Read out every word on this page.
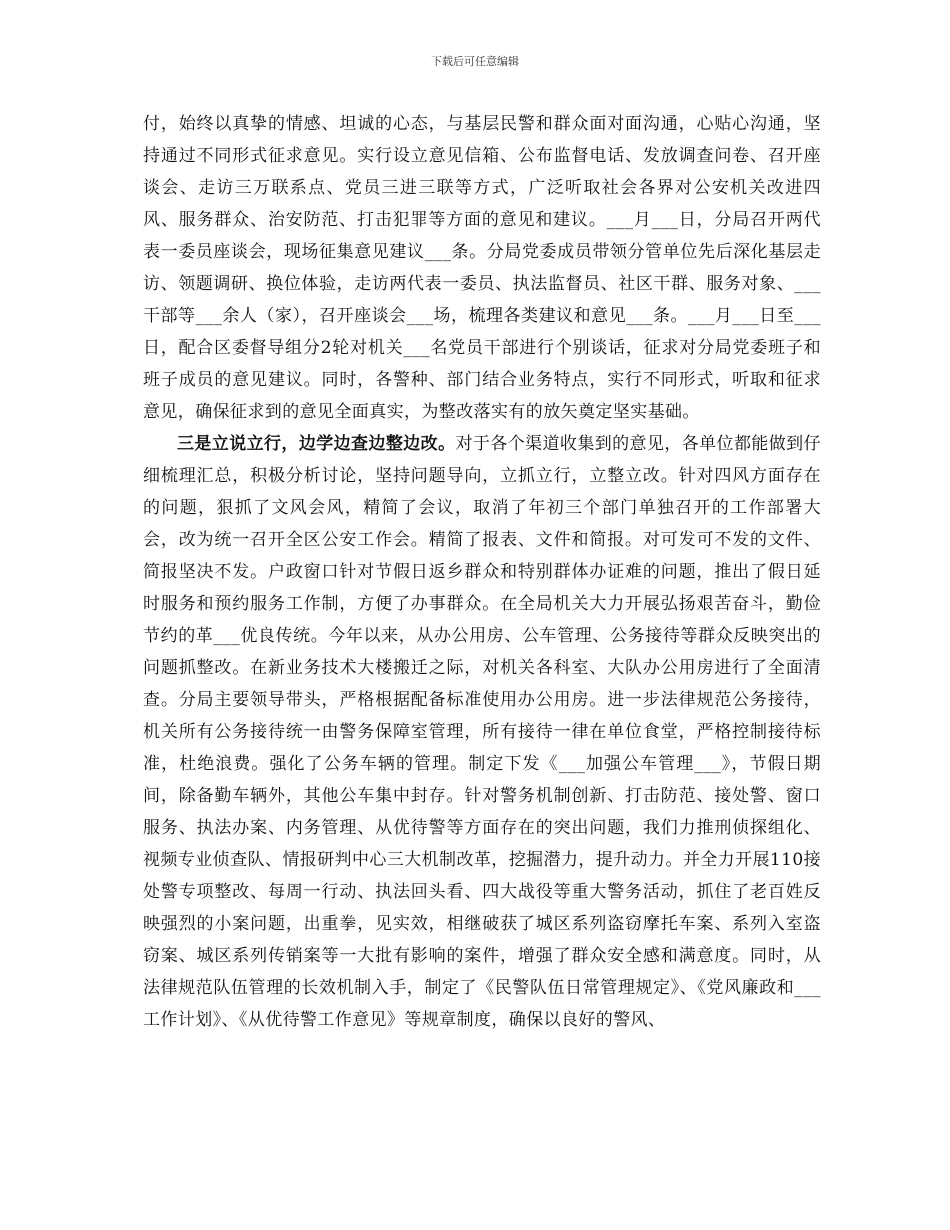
下载后可任意编辑

付，始终以真挚的情感、坦诚的心态，与基层民警和群众面对面沟通，心贴心沟通，坚持通过不同形式征求意见。实行设立意见信箱、公布监督电话、发放调查问卷、召开座谈会、走访三万联系点、党员三进三联等方式，广泛听取社会各界对公安机关改进四风、服务群众、治安防范、打击犯罪等方面的意见和建议。___月___日，分局召开两代表一委员座谈会，现场征集意见建议___条。分局党委成员带领分管单位先后深化基层走访、领题调研、换位体验，走访两代表一委员、执法监督员、社区干群、服务对象、___干部等___余人（家），召开座谈会___场，梳理各类建议和意见___条。___月___日至___日，配合区委督导组分2轮对机关___名党员干部进行个别谈话，征求对分局党委班子和班子成员的意见建议。同时，各警种、部门结合业务特点，实行不同形式，听取和征求意见，确保征求到的意见全面真实，为整改落实有的放矢奠定坚实基础。

三是立说立行，边学边查边整边改。对于各个渠道收集到的意见，各单位都能做到仔细梳理汇总，积极分析讨论，坚持问题导向，立抓立行，立整立改。针对四风方面存在的问题，狠抓了文风会风，精简了会议，取消了年初三个部门单独召开的工作部署大会，改为统一召开全区公安工作会。精简了报表、文件和简报。对可发可不发的文件、简报坚决不发。户政窗口针对节假日返乡群众和特别群体办证难的问题，推出了假日延时服务和预约服务工作制，方便了办事群众。在全局机关大力开展弘扬艰苦奋斗，勤俭节约的革___优良传统。今年以来，从办公用房、公车管理、公务接待等群众反映突出的问题抓整改。在新业务技术大楼搬迁之际，对机关各科室、大队办公用房进行了全面清查。分局主要领导带头，严格根据配备标准使用办公用房。进一步法律规范公务接待，机关所有公务接待统一由警务保障室管理，所有接待一律在单位食堂，严格控制接待标准，杜绝浪费。强化了公务车辆的管理。制定下发《___加强公车管理___》，节假日期间，除备勤车辆外，其他公车集中封存。针对警务机制创新、打击防范、接处警、窗口服务、执法办案、内务管理、从优待警等方面存在的突出问题，我们力推刑侦探组化、视频专业侦查队、情报研判中心三大机制改革，挖掘潜力，提升动力。并全力开展110接处警专项整改、每周一行动、执法回头看、四大战役等重大警务活动，抓住了老百姓反映强烈的小案问题，出重拳，见实效，相继破获了城区系列盗窃摩托车案、系列入室盗窃案、城区系列传销案等一大批有影响的案件，增强了群众安全感和满意度。同时，从法律规范队伍管理的长效机制入手，制定了《民警队伍日常管理规定》、《党风廉政和___工作计划》、《从优待警工作意见》等规章制度，确保以良好的警风、
